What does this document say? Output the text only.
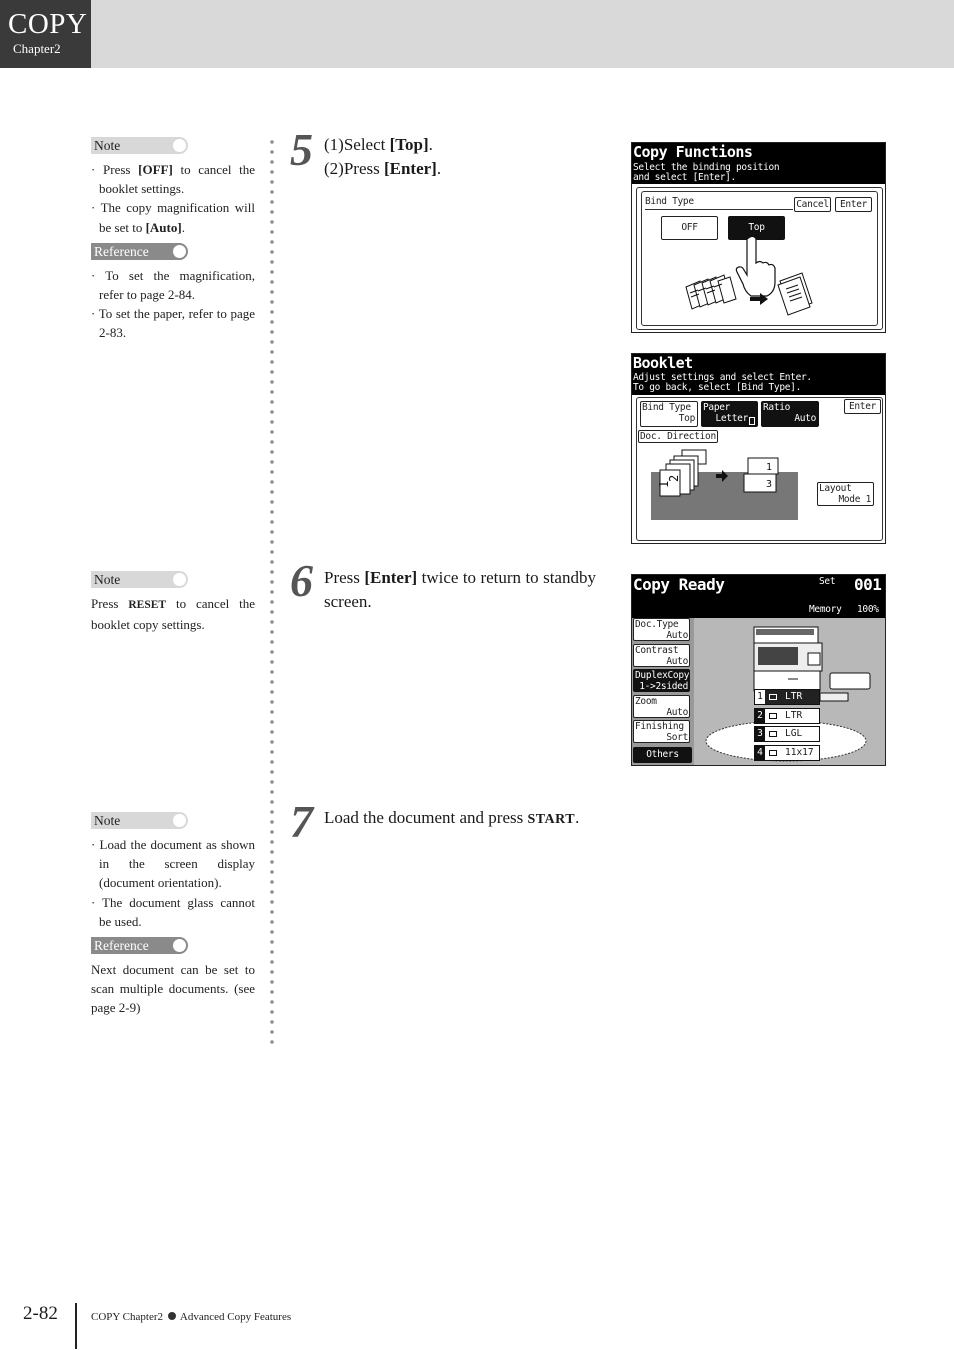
COPY
Chapter2
Note

· Press [OFF] to cancel the booklet settings.

· The copy magnification will be set to [Auto].

Reference

· To set the magnification, refer to page 2-84.

· To set the paper, refer to page 2-83.

Note

Press RESET to cancel the booklet copy settings.

Note

· Load the document as shown in the screen display (document orientation).

· The document glass cannot be used.

Reference

Next document can be set to scan multiple documents. (see page 2-9)

5 (1)Select [Top].
(2)Press [Enter].
6 Press [Enter] twice to return to standby screen.
7 Load the document and press START.
Copy Functions
Select the binding position
and select [Enter].
Bind Type	Cancel	Enter
OFF	Top
Booklet
Adjust settings and select Enter.
To go back, select [Bind Type].
Bind Type
Top
Paper
Letter
Ratio
Auto
Enter
Doc. Direction
1
2
1
3	Layout
Mode 1
Copy Ready	Set 001
Memory 100%
Doc.Type
Auto
Contrast
Auto
DuplexCopy
1->2sided
Zoom
Auto
Finishing
Sort
Others
1 LTR
2 LTR
3 LGL
4 11x17
2-82	COPY Chapter2 Advanced Copy Features
